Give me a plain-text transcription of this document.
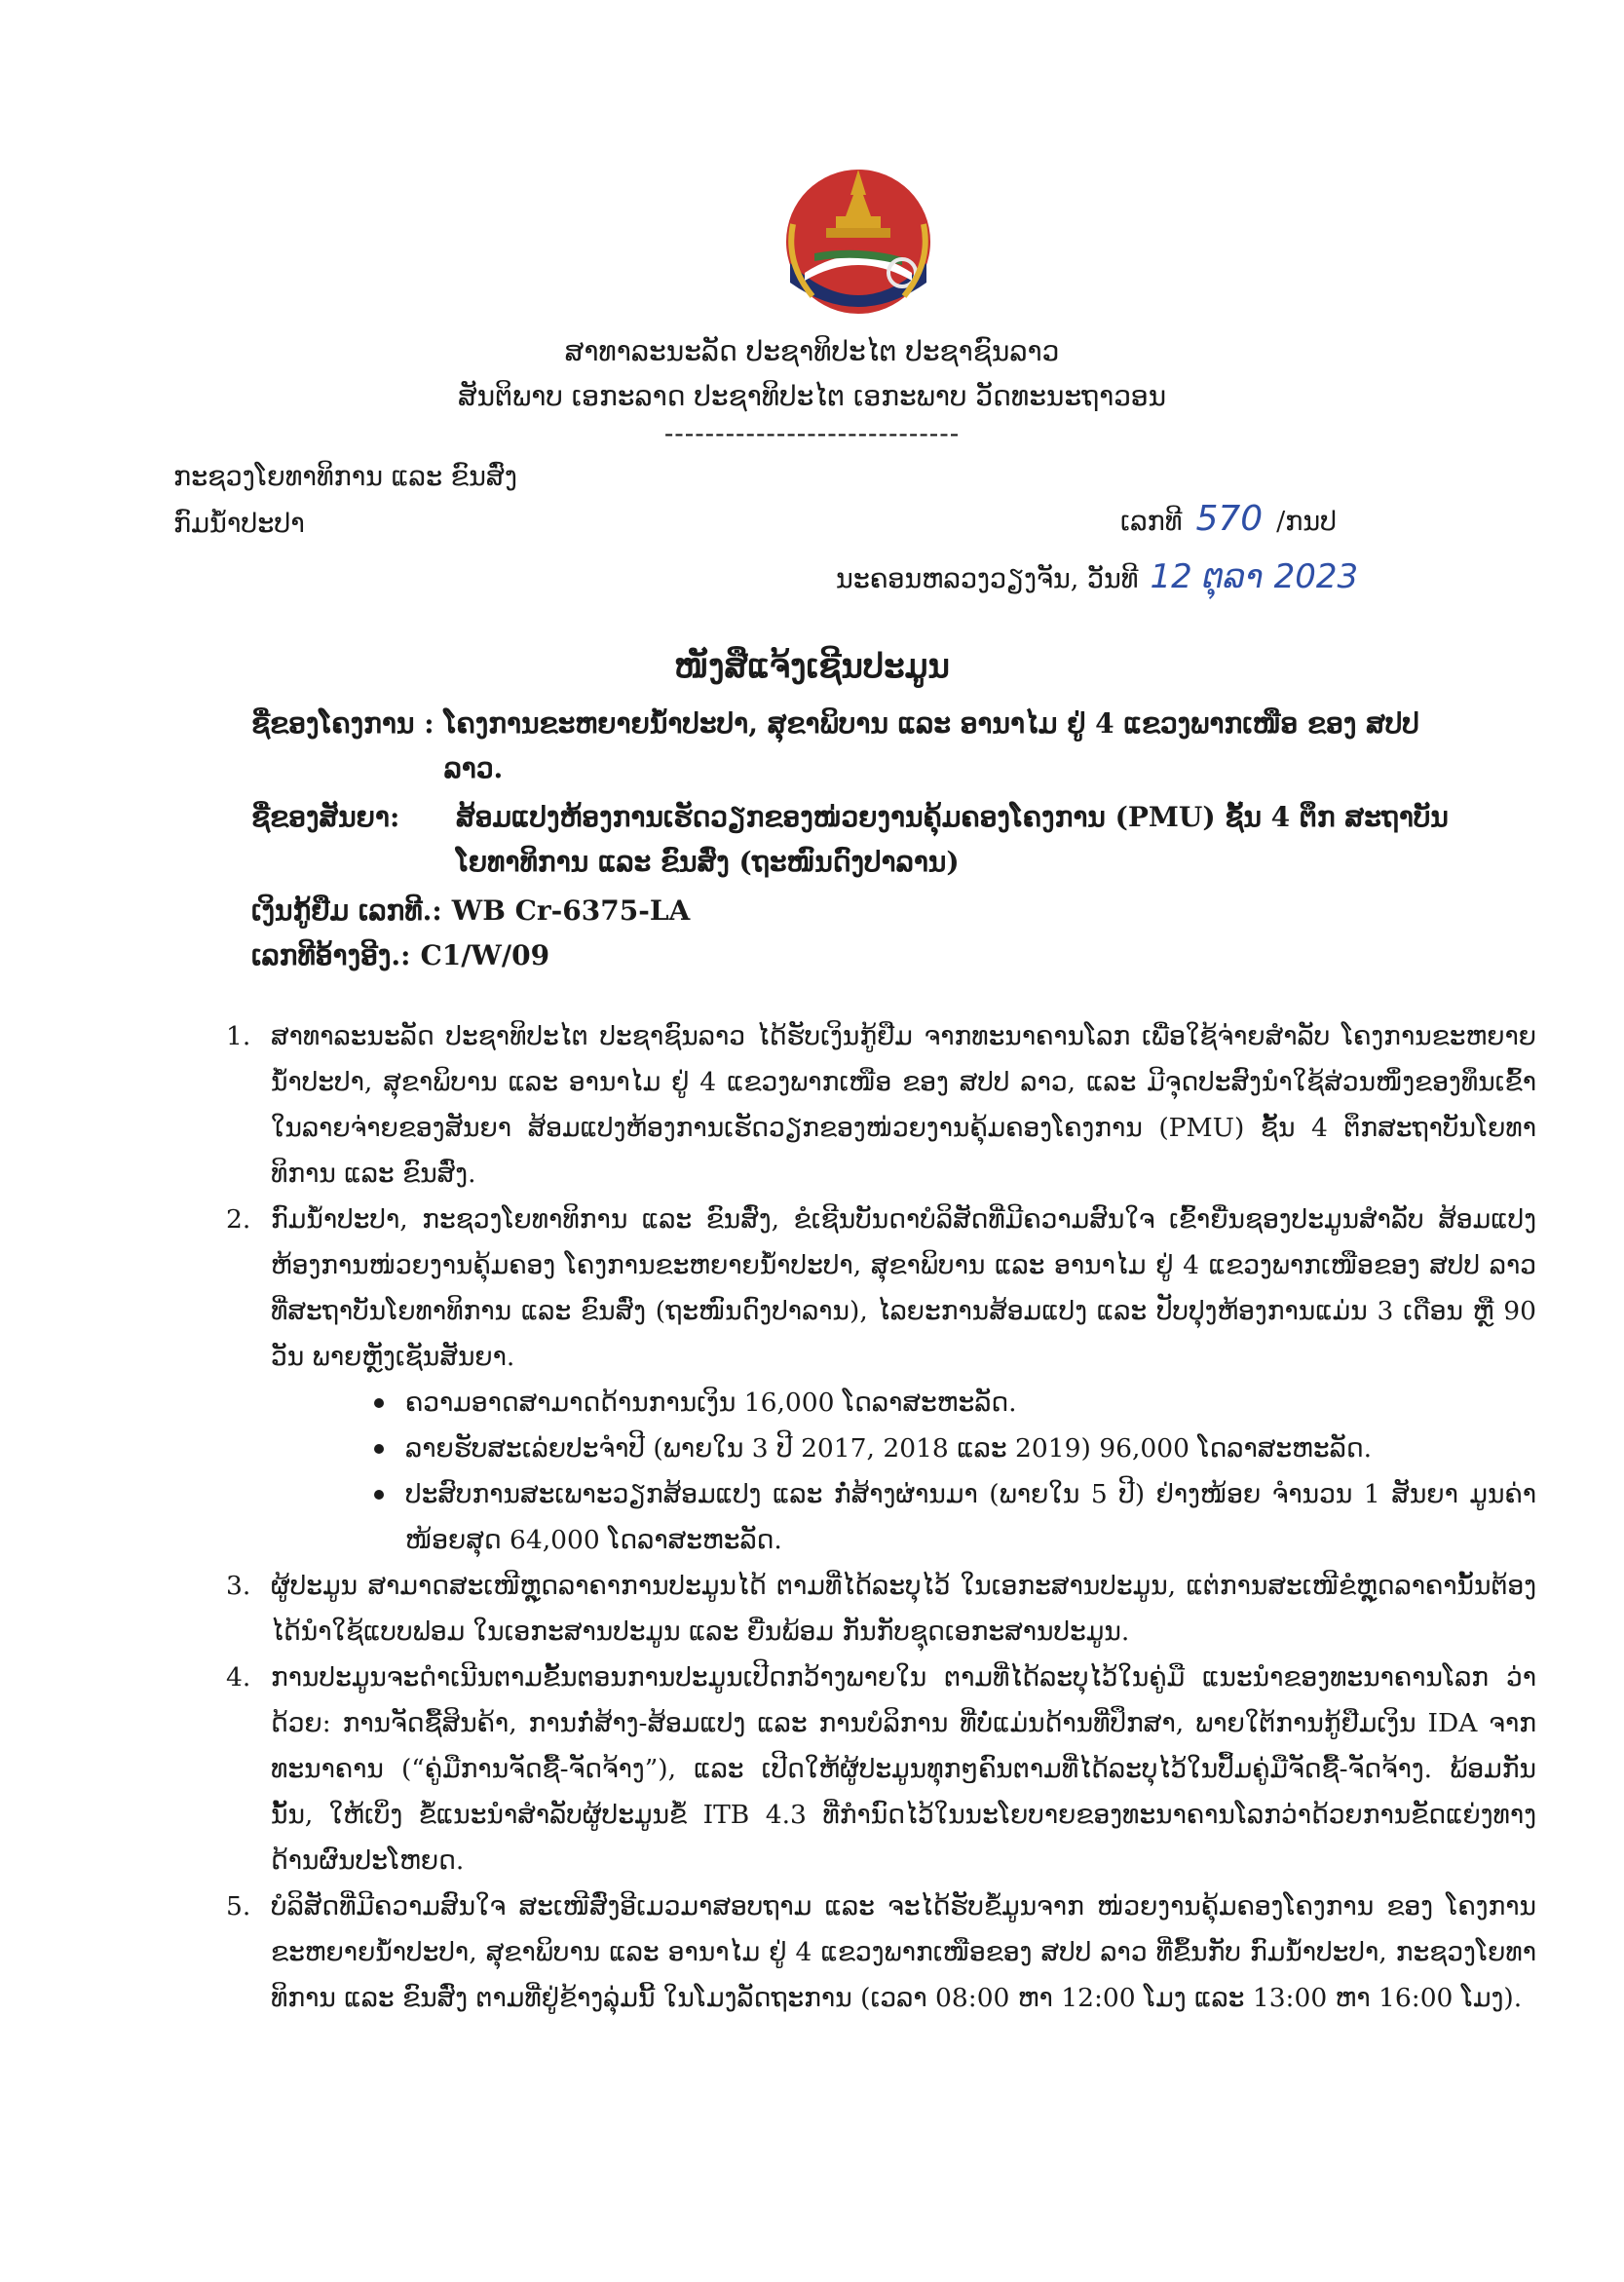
ສາທາລະນະລັດ ປະຊາທິປະໄຕ ປະຊາຊົນລາວ
ສັນຕິພາບ ເອກະລາດ ປະຊາທິປະໄຕ ເອກະພາບ ວັດທະນະຖາວອນ
-----------------------------
ກະຊວງໂຍທາທິການ ແລະ ຂົນສົ່ງ
ກົມນໍ້າປະປາ	ເລກທີ 570 /ກນປ
ນະຄອນຫລວງວຽງຈັນ, ວັນທີ 12 ຕຸລາ 2023
ໜັງສືແຈ້ງເຊີນປະມູນ
ຊື່ຂອງໂຄງການ : ໂຄງການຂະຫຍາຍນໍ້າປະປາ, ສຸຂາພິບານ ແລະ ອານາໄມ ຢູ່ 4 ແຂວງພາກເໜືອ ຂອງ ສປປ ລາວ.
ຊື່ຂອງສັນຍາ:	ສ້ອມແປງຫ້ອງການເຮັດວຽກຂອງໜ່ວຍງານຄຸ້ມຄອງໂຄງການ (PMU) ຊັ້ນ 4 ຕຶກ ສະຖາບັນ ໂຍທາທິການ ແລະ ຂົນສົ່ງ (ຖະໜົນດົງປາລານ)
ເງິນກູ້ຢືມ ເລກທີ.: WB Cr-6375-LA
ເລກທີອ້າງອີງ.: C1/W/09
1. ສາທາລະນະລັດ ປະຊາທິປະໄຕ ປະຊາຊົນລາວ ໄດ້ຮັບເງິນກູ້ຢືມ ຈາກທະນາຄານໂລກ ເພື່ອໃຊ້ຈ່າຍສໍາລັບ ໂຄງການຂະຫຍາຍນໍ້າປະປາ, ສຸຂາພິບານ ແລະ ອານາໄມ ຢູ່ 4 ແຂວງພາກເໜືອ ຂອງ ສປປ ລາວ, ແລະ ມີຈຸດປະສົງນໍາໃຊ້ສ່ວນໜຶ່ງຂອງທຶນເຂົ້າໃນລາຍຈ່າຍຂອງສັນຍາ ສ້ອມແປງຫ້ອງການເຮັດວຽກຂອງໜ່ວຍງານຄຸ້ມຄອງໂຄງການ (PMU) ຊັ້ນ 4 ຕຶກສະຖາບັນໂຍທາທິການ ແລະ ຂົນສົ່ງ.
2. ກົມນໍ້າປະປາ, ກະຊວງໂຍທາທິການ ແລະ ຂົນສົ່ງ, ຂໍເຊີນບັນດາບໍລິສັດທີ່ມີຄວາມສົນໃຈ ເຂົ້າຍື່ນຊອງປະມູນສໍາລັບ ສ້ອມແປງຫ້ອງການໜ່ວຍງານຄຸ້ມຄອງ ໂຄງການຂະຫຍາຍນໍ້າປະປາ, ສຸຂາພິບານ ແລະ ອານາໄມ ຢູ່ 4 ແຂວງພາກເໜືອຂອງ ສປປ ລາວ ທີ່ສະຖາບັນໂຍທາທິການ ແລະ ຂົນສົ່ງ (ຖະໜົນດົງປາລານ), ໄລຍະການສ້ອມແປງ ແລະ ປັບປຸງຫ້ອງການແມ່ນ 3 ເດືອນ ຫຼື 90 ວັນ ພາຍຫຼັງເຊັນສັນຍາ.
ຄວາມອາດສາມາດດ້ານການເງິນ 16,000 ໂດລາສະຫະລັດ.
ລາຍຮັບສະເລ່ຍປະຈໍາປີ (ພາຍໃນ 3 ປີ 2017, 2018 ແລະ 2019) 96,000 ໂດລາສະຫະລັດ.
ປະສົບການສະເພາະວຽກສ້ອມແປງ ແລະ ກໍ່ສ້າງຜ່ານມາ (ພາຍໃນ 5 ປີ) ຢ່າງໜ້ອຍ ຈໍານວນ 1 ສັນຍາ ມູນຄ່າໜ້ອຍສຸດ 64,000 ໂດລາສະຫະລັດ.
3. ຜູ້ປະມູນ ສາມາດສະເໜີຫຼຸດລາຄາການປະມູນໄດ້ ຕາມທີ່ໄດ້ລະບຸໄວ້ ໃນເອກະສານປະມູນ, ແຕ່ການສະເໜີຂໍຫຼຸດລາຄານັ້ນຕ້ອງໄດ້ນໍາໃຊ້ແບບຟອມ ໃນເອກະສານປະມູນ ແລະ ຍື່ນພ້ອມ ກັນກັບຊຸດເອກະສານປະມູນ.
4. ການປະມູນຈະດໍາເນີນຕາມຂັ້ນຕອນການປະມູນເປີດກວ້າງພາຍໃນ ຕາມທີ່ໄດ້ລະບຸໄວ້ໃນຄູ່ມື ແນະນໍາຂອງທະນາຄານໂລກ ວ່າດ້ວຍ: ການຈັດຊື້ສິນຄ້າ, ການກໍ່ສ້າງ-ສ້ອມແປງ ແລະ ການບໍລິການ ທີ່ບໍ່ແມ່ນດ້ານທີ່ປຶກສາ, ພາຍໃຕ້ການກູ້ຢືມເງິນ IDA ຈາກທະນາຄານ (“ຄູ່ມືການຈັດຊື້-ຈັດຈ້າງ”), ແລະ ເປີດໃຫ້ຜູ້ປະມູນທຸກໆຄົນຕາມທີ່ໄດ້ລະບຸໄວ້ໃນປຶ້ມຄູ່ມືຈັດຊື້-ຈັດຈ້າງ. ພ້ອມກັນນັ້ນ, ໃຫ້ເບິ່ງ ຂໍ້ແນະນໍາສໍາລັບຜູ້ປະມູນຂໍ້ ITB 4.3 ທີ່ກໍານົດໄວ້ໃນນະໂຍບາຍຂອງທະນາຄານໂລກວ່າດ້ວຍການຂັດແຍ່ງທາງດ້ານຜົນປະໂຫຍດ.
5. ບໍລິສັດທີ່ມີຄວາມສົນໃຈ ສະເໜີສົ່ງອີເມວມາສອບຖາມ ແລະ ຈະໄດ້ຮັບຂໍ້ມູນຈາກ ໜ່ວຍງານຄຸ້ມຄອງໂຄງການ ຂອງ ໂຄງການຂະຫຍາຍນໍ້າປະປາ, ສຸຂາພິບານ ແລະ ອານາໄມ ຢູ່ 4 ແຂວງພາກເໜືອຂອງ ສປປ ລາວ ທີ່ຂຶ້ນກັບ ກົມນໍ້າປະປາ, ກະຊວງໂຍທາທິການ ແລະ ຂົນສົ່ງ ຕາມທີ່ຢູ່ຂ້າງລຸ່ມນີ້ ໃນໂມງລັດຖະການ (ເວລາ 08:00 ຫາ 12:00 ໂມງ ແລະ 13:00 ຫາ 16:00 ໂມງ).
